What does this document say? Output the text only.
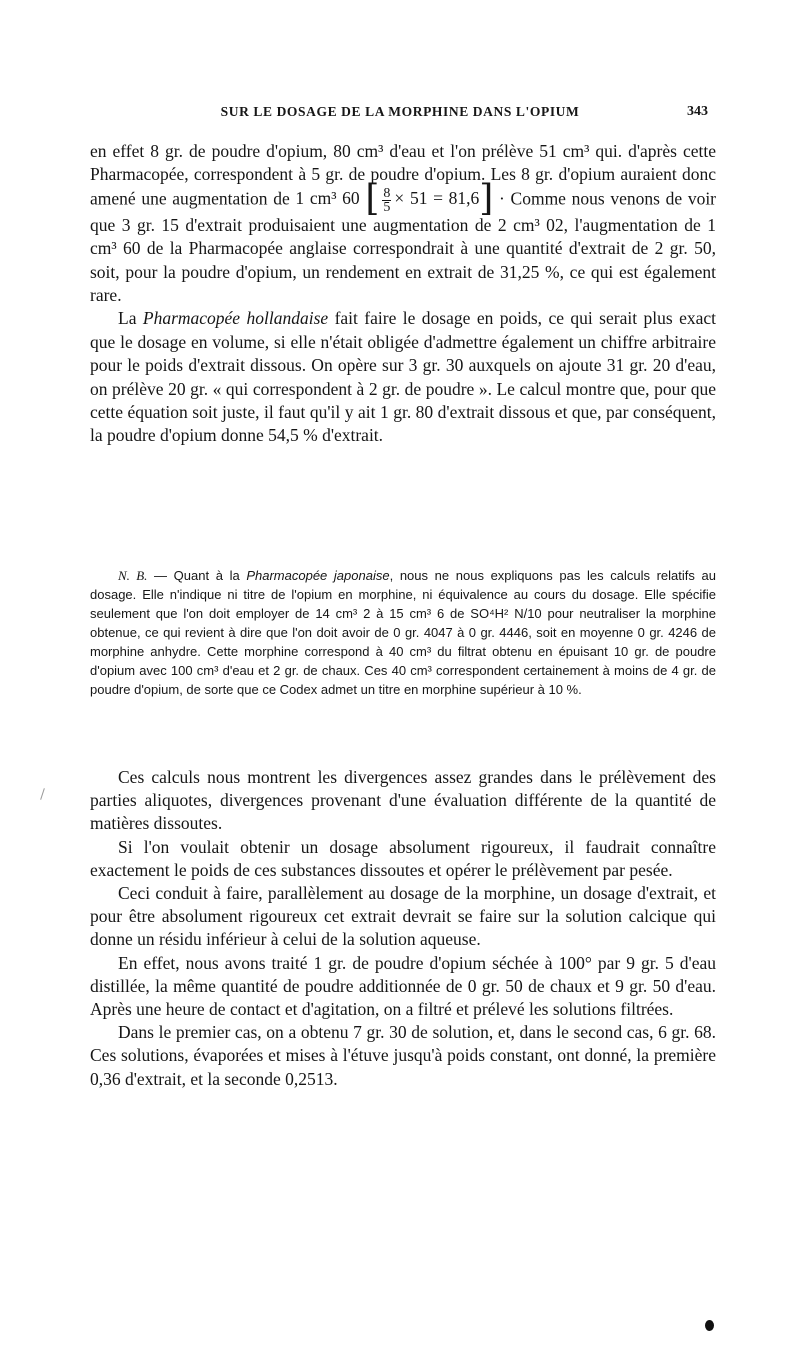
SUR LE DOSAGE DE LA MORPHINE DANS L'OPIUM	343

en effet 8 gr. de poudre d'opium, 80 cm³ d'eau et l'on prélève 51 cm³ qui. d'après cette Pharmacopée, correspondent à 5 gr. de poudre d'opium. Les 8 gr. d'opium auraient donc amené une augmentation de 1 cm³ 60 [ $\frac{8}{5} \times 51 = 81,6$] · Comme nous venons de voir que 3 gr. 15 d'extrait produisaient une augmentation de 2 cm³ 02, l'augmentation de 1 cm³ 60 de la Pharmacopée anglaise correspondrait à une quantité d'extrait de 2 gr. 50, soit, pour la poudre d'opium, un rendement en extrait de 31,25 %, ce qui est également rare.

La Pharmacopée hollandaise fait faire le dosage en poids, ce qui serait plus exact que le dosage en volume, si elle n'était obligée d'admettre également un chiffre arbitraire pour le poids d'extrait dissous. On opère sur 3 gr. 30 auxquels on ajoute 31 gr. 20 d'eau, on prélève 20 gr. « qui correspondent à 2 gr. de poudre ». Le calcul montre que, pour que cette équation soit juste, il faut qu'il y ait 1 gr. 80 d'extrait dissous et que, par conséquent, la poudre d'opium donne 54,5 % d'extrait.

N. B. — Quant à la Pharmacopée japonaise, nous ne nous expliquons pas les calculs relatifs au dosage. Elle n'indique ni titre de l'opium en morphine, ni équivalence au cours du dosage. Elle spécifie seulement que l'on doit employer de 14 cm³ 2 à 15 cm³ 6 de SO⁴H² N/10 pour neutraliser la morphine obtenue, ce qui revient à dire que l'on doit avoir de 0 gr. 4047 à 0 gr. 4446, soit en moyenne 0 gr. 4246 de morphine anhydre. Cette morphine correspond à 40 cm³ du filtrat obtenu en épuisant 10 gr. de poudre d'opium avec 100 cm³ d'eau et 2 gr. de chaux. Ces 40 cm³ correspondent certainement à moins de 4 gr. de poudre d'opium, de sorte que ce Codex admet un titre en morphine supérieur à 10 %.

Ces calculs nous montrent les divergences assez grandes dans le prélèvement des parties aliquotes, divergences provenant d'une évaluation différente de la quantité de matières dissoutes.

Si l'on voulait obtenir un dosage absolument rigoureux, il faudrait connaître exactement le poids de ces substances dissoutes et opérer le prélèvement par pesée.

Ceci conduit à faire, parallèlement au dosage de la morphine, un dosage d'extrait, et pour être absolument rigoureux cet extrait devrait se faire sur la solution calcique qui donne un résidu inférieur à celui de la solution aqueuse.

En effet, nous avons traité 1 gr. de poudre d'opium séchée à 100° par 9 gr. 5 d'eau distillée, la même quantité de poudre additionnée de 0 gr. 50 de chaux et 9 gr. 50 d'eau. Après une heure de contact et d'agitation, on a filtré et prélevé les solutions filtrées.

Dans le premier cas, on a obtenu 7 gr. 30 de solution, et, dans le second cas, 6 gr. 68. Ces solutions, évaporées et mises à l'étuve jusqu'à poids constant, ont donné, la première 0,36 d'extrait, et la seconde 0,2513.
